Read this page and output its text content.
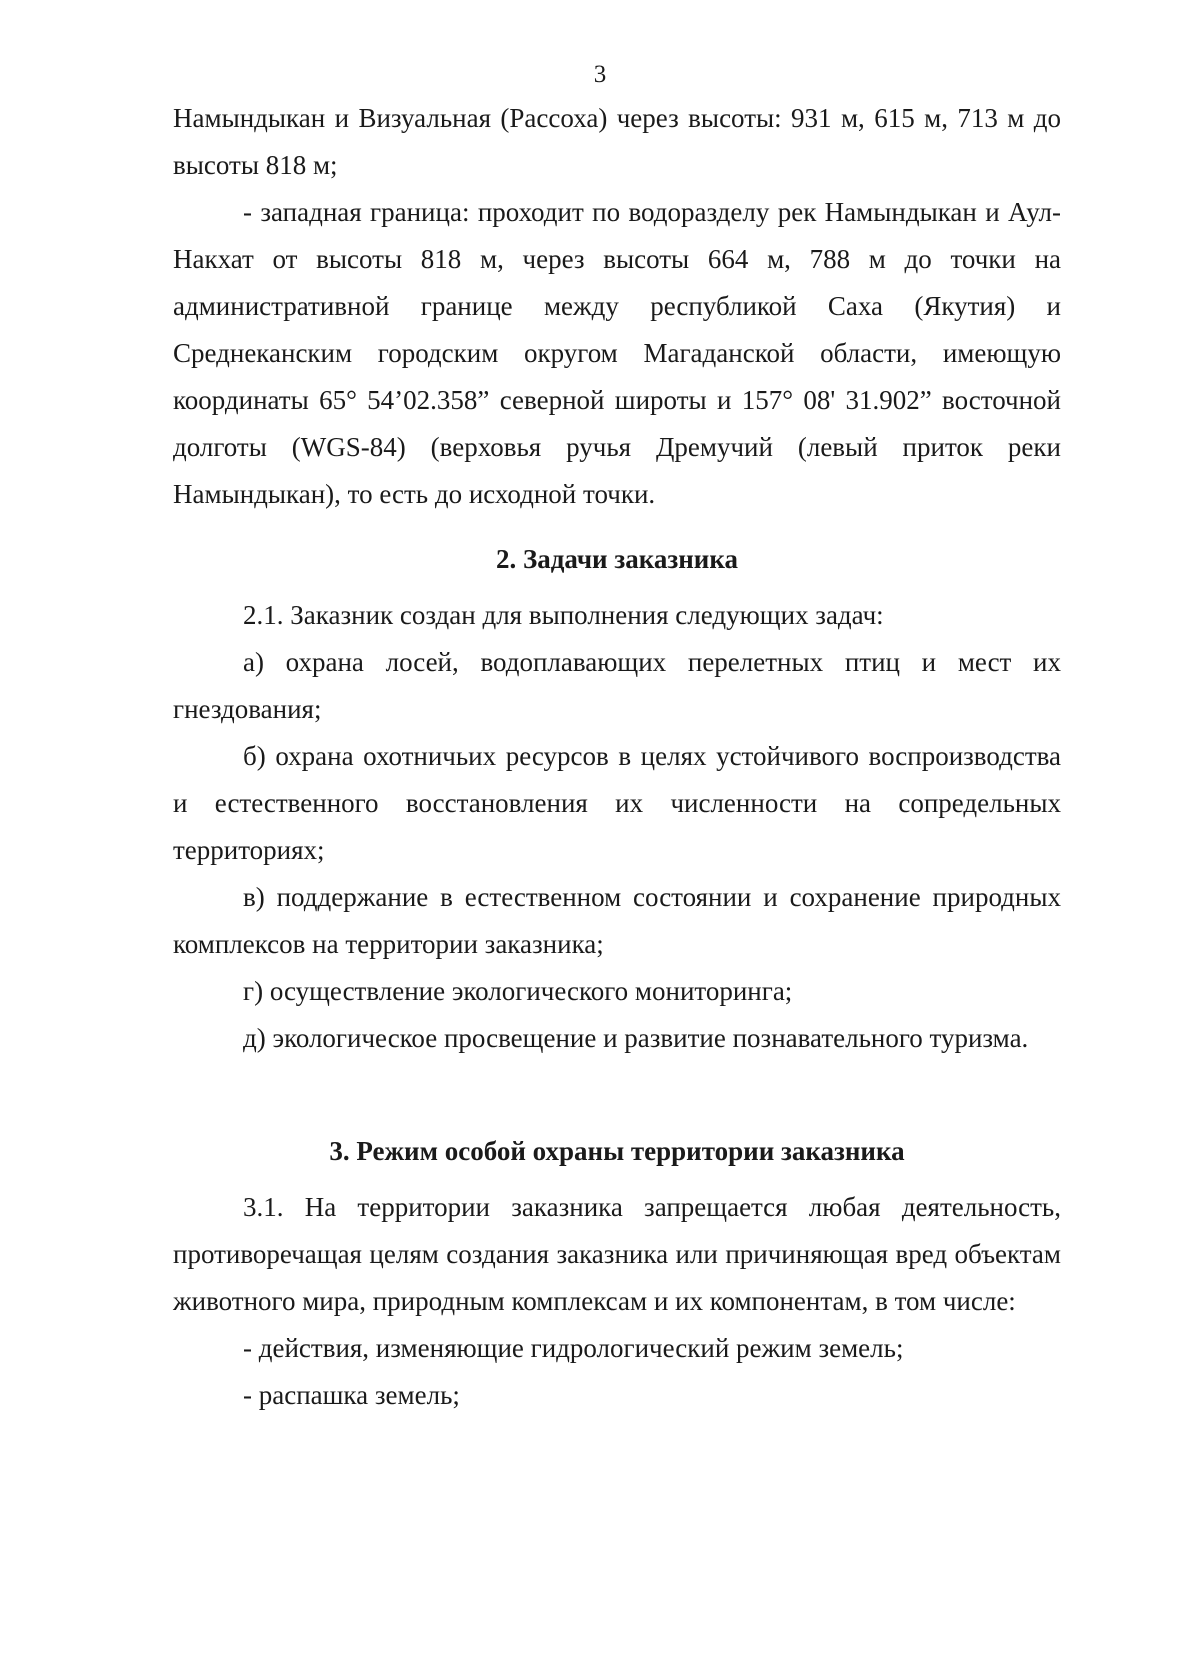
3

Намындыкан и Визуальная (Рассоха) через высоты: 931 м, 615 м, 713 м до высоты 818 м;

- западная граница: проходит по водоразделу рек Намындыкан и Аул-Накхат от высоты 818 м, через высоты 664 м, 788 м до точки на административной границе между республикой Саха (Якутия) и Среднеканским городским округом Магаданской области, имеющую координаты 65° 54’02.358” северной широты и 157° 08' 31.902” восточной долготы (WGS-84) (верховья ручья Дремучий (левый приток реки Намындыкан), то есть до исходной точки.

2. Задачи заказника

2.1. Заказник создан для выполнения следующих задач:

а) охрана лосей, водоплавающих перелетных птиц и мест их гнездования;

б) охрана охотничьих ресурсов в целях устойчивого воспроизводства и естественного восстановления их численности на сопредельных территориях;

в) поддержание в естественном состоянии и сохранение природных комплексов на территории заказника;

г) осуществление экологического мониторинга;

д) экологическое просвещение и развитие познавательного туризма.

3. Режим особой охраны территории заказника

3.1. На территории заказника запрещается любая деятельность, противоречащая целям создания заказника или причиняющая вред объектам животного мира, природным комплексам и их компонентам, в том числе:

- действия, изменяющие гидрологический режим земель;

- распашка земель;
